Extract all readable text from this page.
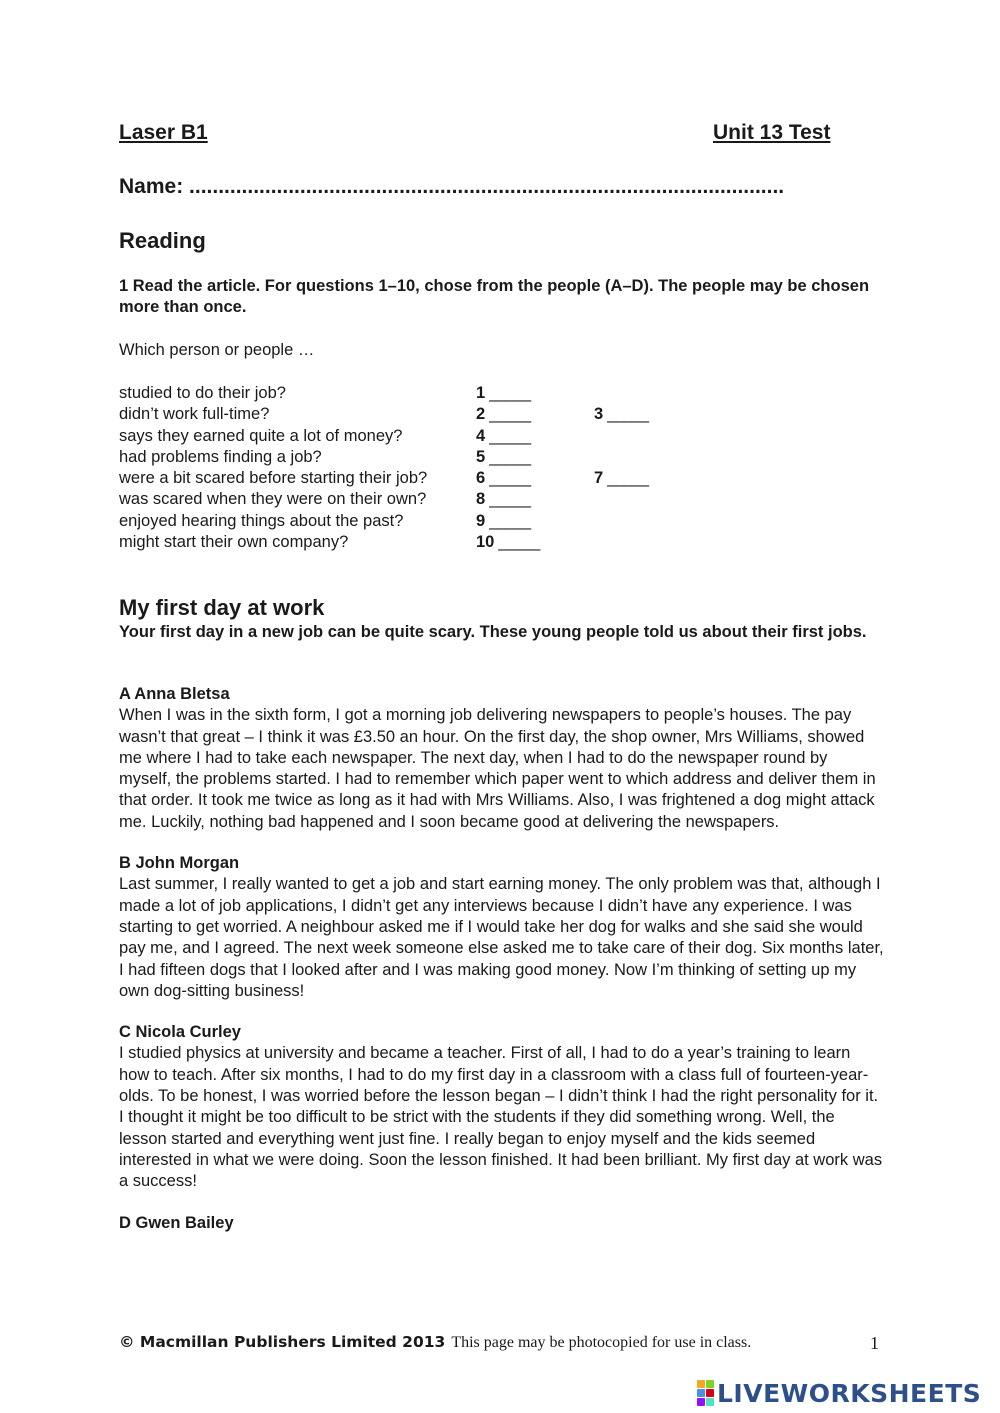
Laser B1	Unit 13 Test
Name: ......................................................................................................
Reading
1 Read the article. For questions 1–10, chose from the people (A–D). The people may be chosen more than once.
Which person or people …
studied to do their job?	1 _____
didn’t work full-time?	2 _____	3 _____
says they earned quite a lot of money?	4 _____
had problems finding a job?	5 _____
were a bit scared before starting their job?	6 _____	7 _____
was scared when they were on their own?	8 _____
enjoyed hearing things about the past?	9 _____
might start their own company?	10 _____
My first day at work
Your first day in a new job can be quite scary. These young people told us about their first jobs.
A Anna Bletsa
When I was in the sixth form, I got a morning job delivering newspapers to people’s houses. The pay wasn’t that great – I think it was £3.50 an hour. On the first day, the shop owner, Mrs Williams, showed me where I had to take each newspaper. The next day, when I had to do the newspaper round by myself, the problems started. I had to remember which paper went to which address and deliver them in that order. It took me twice as long as it had with Mrs Williams. Also, I was frightened a dog might attack me. Luckily, nothing bad happened and I soon became good at delivering the newspapers.
B John Morgan
Last summer, I really wanted to get a job and start earning money. The only problem was that, although I made a lot of job applications, I didn’t get any interviews because I didn’t have any experience. I was starting to get worried. A neighbour asked me if I would take her dog for walks and she said she would pay me, and I agreed. The next week someone else asked me to take care of their dog. Six months later, I had fifteen dogs that I looked after and I was making good money. Now I’m thinking of setting up my own dog-sitting business!
C Nicola Curley
I studied physics at university and became a teacher. First of all, I had to do a year’s training to learn how to teach. After six months, I had to do my first day in a classroom with a class full of fourteen-year-olds. To be honest, I was worried before the lesson began – I didn’t think I had the right personality for it. I thought it might be too difficult to be strict with the students if they did something wrong. Well, the lesson started and everything went just fine. I really began to enjoy myself and the kids seemed interested in what we were doing. Soon the lesson finished. It had been brilliant. My first day at work was a success!
D Gwen Bailey
© Macmillan Publishers Limited 2013 This page may be photocopied for use in class.	1
LIVEWORKSHEETS
